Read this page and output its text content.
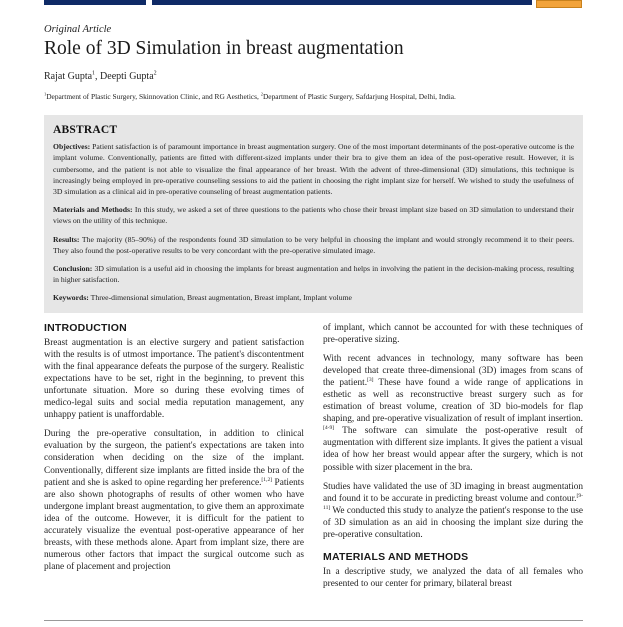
Original Article
Role of 3D Simulation in breast augmentation
Rajat Gupta$^1$, Deepti Gupta$^2$
$^1$Department of Plastic Surgery, Skinnovation Clinic, and RG Aesthetics, $^2$Department of Plastic Surgery, Safdarjung Hospital, Delhi, India.
ABSTRACT

Objectives: Patient satisfaction is of paramount importance in breast augmentation surgery. One of the most important determinants of the post-operative outcome is the implant volume. Conventionally, patients are fitted with different-sized implants under their bra to give them an idea of the post-operative result. However, it is cumbersome, and the patient is not able to visualize the final appearance of her breast. With the advent of three-dimensional (3D) simulations, this technique is increasingly being employed in pre-operative counseling sessions to aid the patient in choosing the right implant size for herself. We wished to study the usefulness of 3D simulation as a clinical aid in pre-operative counseling of breast augmentation patients.

Materials and Methods: In this study, we asked a set of three questions to the patients who chose their breast implant size based on 3D simulation to understand their views on the utility of this technique.

Results: The majority (85–90%) of the respondents found 3D simulation to be very helpful in choosing the implant and would strongly recommend it to their peers. They also found the post-operative results to be very concordant with the pre-operative simulated image.

Conclusion: 3D simulation is a useful aid in choosing the implants for breast augmentation and helps in involving the patient in the decision-making process, resulting in higher satisfaction.

Keywords: Three-dimensional simulation, Breast augmentation, Breast implant, Implant volume

INTRODUCTION

Breast augmentation is an elective surgery and patient satisfaction with the results is of utmost importance. The patient's discontentment with the final appearance defeats the purpose of the surgery. Realistic expectations have to be set, right in the beginning, to prevent this unfortunate situation. More so during these evolving times of medico-legal suits and social media reputation management, any unhappy patient is unaffordable.

During the pre-operative consultation, in addition to clinical evaluation by the surgeon, the patient's expectations are taken into consideration when deciding on the size of the implant. Conventionally, different size implants are fitted inside the bra of the patient and she is asked to opine regarding her preference.[1,2] Patients are also shown photographs of results of other women who have undergone implant breast augmentation, to give them an approximate idea of the outcome. However, it is difficult for the patient to accurately visualize the eventual post-operative appearance of her breasts, with these methods alone. Apart from implant size, there are numerous other factors that impact the surgical outcome such as plane of placement and projection

of implant, which cannot be accounted for with these techniques of pre-operative sizing.

With recent advances in technology, many software has been developed that create three-dimensional (3D) images from scans of the patient.[3] These have found a wide range of applications in esthetic as well as reconstructive breast surgery such as for estimation of breast volume, creation of 3D bio-models for flap shaping, and pre-operative visualization of result of implant insertion.[4-9] The software can simulate the post-operative result of augmentation with different size implants. It gives the patient a visual idea of how her breast would appear after the surgery, which is not possible with sizer placement in the bra.

Studies have validated the use of 3D imaging in breast augmentation and found it to be accurate in predicting breast volume and contour.[9-11] We conducted this study to analyze the patient's response to the use of 3D simulation as an aid in choosing the implant size during the pre-operative consultation.

MATERIALS AND METHODS

In a descriptive study, we analyzed the data of all females who presented to our center for primary, bilateral breast
